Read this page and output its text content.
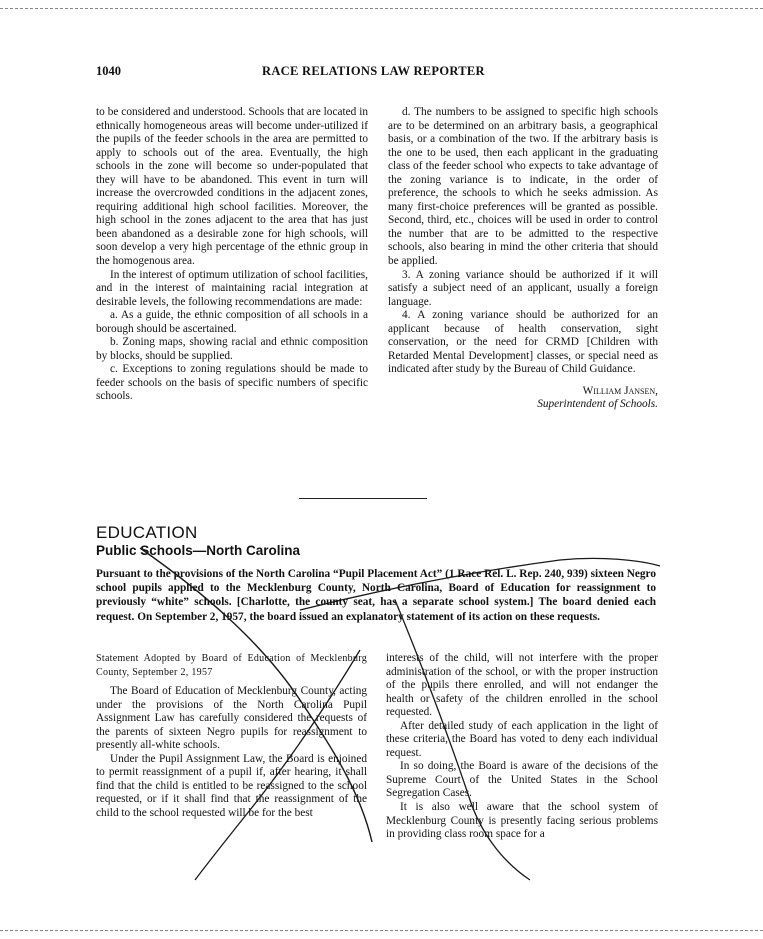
1040	RACE RELATIONS LAW REPORTER

to be considered and understood. Schools that are located in ethnically homogeneous areas will become under-utilized if the pupils of the feeder schools in the area are permitted to apply to schools out of the area. Eventually, the high schools in the zone will become so under-populated that they will have to be abandoned. This event in turn will increase the overcrowded conditions in the adjacent zones, requiring additional high school facilities. Moreover, the high school in the zones adjacent to the area that has just been abandoned as a desirable zone for high schools, will soon develop a very high percentage of the ethnic group in the homogenous area.

In the interest of optimum utilization of school facilities, and in the interest of maintaining racial integration at desirable levels, the following recommendations are made:

a. As a guide, the ethnic composition of all schools in a borough should be ascertained.

b. Zoning maps, showing racial and ethnic composition by blocks, should be supplied.

c. Exceptions to zoning regulations should be made to feeder schools on the basis of specific numbers of specific schools.

d. The numbers to be assigned to specific high schools are to be determined on an arbitrary basis, a geographical basis, or a combination of the two. If the arbitrary basis is the one to be used, then each applicant in the graduating class of the feeder school who expects to take advantage of the zoning variance is to indicate, in the order of preference, the schools to which he seeks admission. As many first-choice preferences will be granted as possible. Second, third, etc., choices will be used in order to control the number that are to be admitted to the respective schools, also bearing in mind the other criteria that should be applied.

3. A zoning variance should be authorized if it will satisfy a subject need of an applicant, usually a foreign language.

4. A zoning variance should be authorized for an applicant because of health conservation, sight conservation, or the need for CRMD [Children with Retarded Mental Development] classes, or special need as indicated after study by the Bureau of Child Guidance.

William Jansen,
Superintendent of Schools.

EDUCATION
Public Schools—North Carolina
Pursuant to the provisions of the North Carolina “Pupil Placement Act” (1 Race Rel. L. Rep. 240, 939) sixteen Negro school pupils applied to the Mecklenburg County, North Carolina, Board of Education for reassignment to previously “white” schools. [Charlotte, the county seat, has a separate school system.] The board denied each request. On September 2, 1957, the board issued an explanatory statement of its action on these requests.

Statement Adopted by Board of Education of Mecklenburg County, September 2, 1957

The Board of Education of Mecklenburg County, acting under the provisions of the North Carolina Pupil Assignment Law has carefully considered the requests of the parents of sixteen Negro pupils for reassignment to presently all-white schools.

Under the Pupil Assignment Law, the Board is enjoined to permit reassignment of a pupil if, after hearing, it shall find that the child is entitled to be reassigned to the school requested, or if it shall find that the reassignment of the child to the school requested will be for the best

interests of the child, will not interfere with the proper administration of the school, or with the proper instruction of the pupils there enrolled, and will not endanger the health or safety of the children enrolled in the school requested.

After detailed study of each application in the light of these criteria, the Board has voted to deny each individual request.

In so doing, the Board is aware of the decisions of the Supreme Court of the United States in the School Segregation Cases.

It is also well aware that the school system of Mecklenburg County is presently facing serious problems in providing class room space for a
